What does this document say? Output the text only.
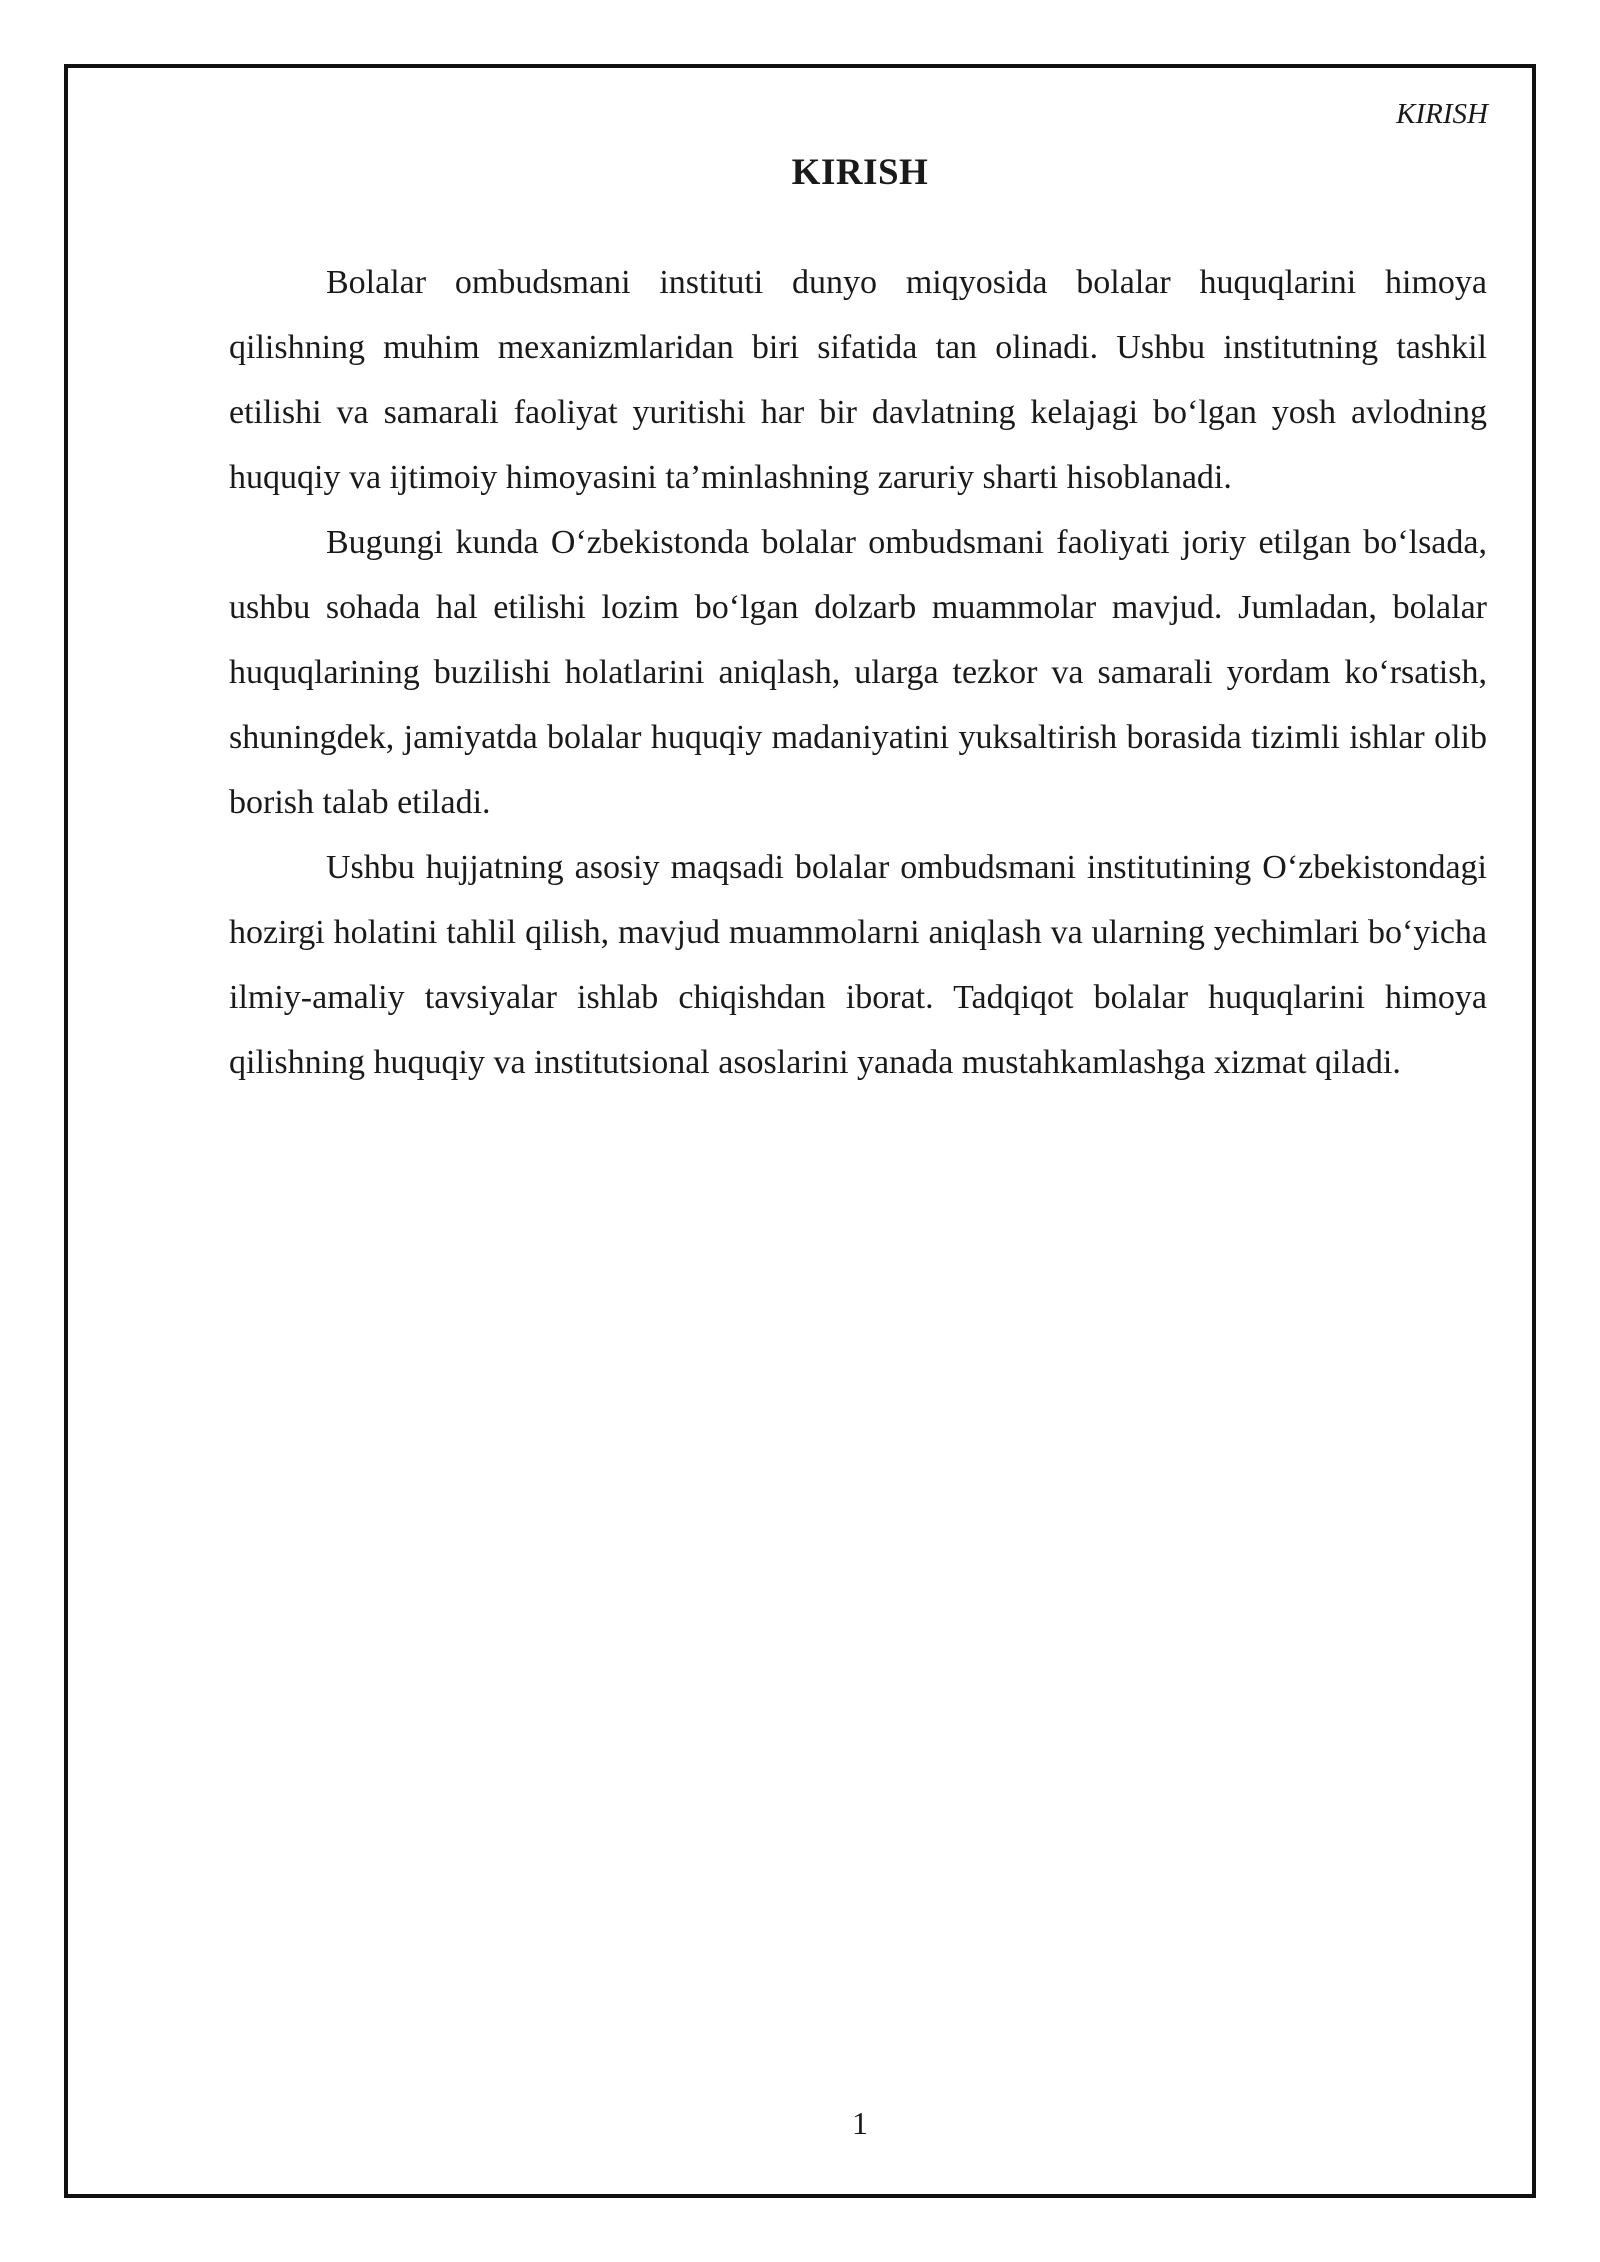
KIRISH
KIRISH

Bolalar ombudsmani instituti dunyo miqyosida bolalar huquqlarini himoya qilishning muhim mexanizmlaridan biri sifatida tan olinadi. Ushbu institutning tashkil etilishi va samarali faoliyat yuritishi har bir davlatning kelajagi bo‘lgan yosh avlodning huquqiy va ijtimoiy himoyasini ta’minlashning zaruriy sharti hisoblanadi.

Bugungi kunda O‘zbekistonda bolalar ombudsmani faoliyati joriy etilgan bo‘lsada, ushbu sohada hal etilishi lozim bo‘lgan dolzarb muammolar mavjud. Jumladan, bolalar huquqlarining buzilishi holatlarini aniqlash, ularga tezkor va samarali yordam ko‘rsatish, shuningdek, jamiyatda bolalar huquqiy madaniyatini yuksaltirish borasida tizimli ishlar olib borish talab etiladi.

Ushbu hujjatning asosiy maqsadi bolalar ombudsmani institutining O‘zbekistondagi hozirgi holatini tahlil qilish, mavjud muammolarni aniqlash va ularning yechimlari bo‘yicha ilmiy-amaliy tavsiyalar ishlab chiqishdan iborat. Tadqiqot bolalar huquqlarini himoya qilishning huquqiy va institutsional asoslarini yanada mustahkamlashga xizmat qiladi.

1
